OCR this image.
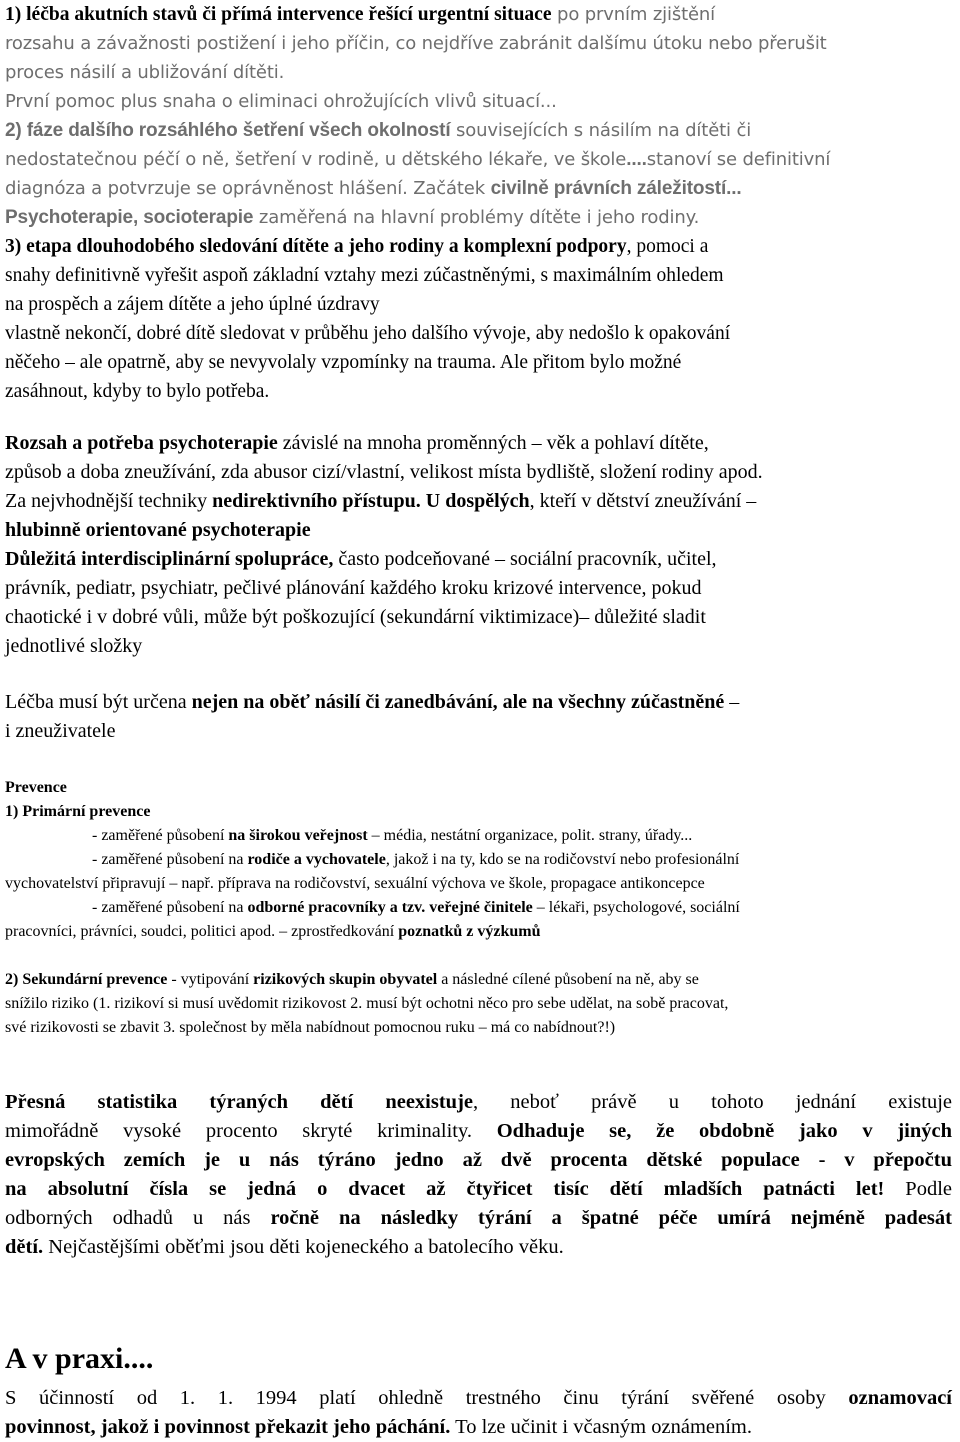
1) léčba akutních stavů či přímá intervence řešící urgentní situace po prvním zjištění
rozsahu a závažnosti postižení i jeho příčin, co nejdříve zabránit dalšímu útoku nebo přerušit
proces násilí a ubližování dítěti.
První pomoc plus snaha o eliminaci ohrožujících vlivů situací...
2) fáze dalšího rozsáhlého šetření všech okolností souvisejících s násilím na dítěti či
nedostatečnou péčí o ně, šetření v rodině, u dětského lékaře, ve škole....stanoví se definitivní
diagnóza a potvrzuje se oprávněnost hlášení. Začátek civilně právních záležitostí...
Psychoterapie, socioterapie zaměřená na hlavní problémy dítěte i jeho rodiny.
3) etapa dlouhodobého sledování dítěte a jeho rodiny a komplexní podpory, pomoci a
snahy definitivně vyřešit aspoň základní vztahy mezi zúčastněnými, s maximálním ohledem
na prospěch a zájem dítěte a jeho úplné úzdravy
vlastně nekončí, dobré dítě sledovat v průběhu jeho dalšího vývoje, aby nedošlo k opakování
něčeho – ale opatrně, aby se nevyvolaly vzpomínky na trauma. Ale přitom bylo možné
zasáhnout, kdyby to bylo potřeba.
Rozsah a potřeba psychoterapie závislé na mnoha proměnných – věk a pohlaví dítěte,
způsob a doba zneužívání, zda abusor cizí/vlastní, velikost místa bydliště, složení rodiny apod.
Za nejvhodnější techniky nedirektivního přístupu. U dospělých, kteří v dětství zneužívání –
hlubinně orientované psychoterapie
Důležitá interdisciplinární spolupráce, často podceňované – sociální pracovník, učitel,
právník, pediatr, psychiatr, pečlivé plánování každého kroku krizové intervence, pokud
chaotické i v dobré vůli, může být poškozující (sekundární viktimizace)– důležité sladit
jednotlivé složky
Léčba musí být určena nejen na oběť násilí či zanedbávání, ale na všechny zúčastněné –
i zneuživatele
Prevence
1) Primární prevence
- zaměřené působení na širokou veřejnost – média, nestátní organizace, polit. strany, úřady...
- zaměřené působení na rodiče a vychovatele, jakož i na ty, kdo se na rodičovství nebo profesionální
vychovatelství připravují – např. příprava na rodičovství, sexuální výchova ve škole, propagace antikoncepce
- zaměřené působení na odborné pracovníky a tzv. veřejné činitele – lékaři, psychologové, sociální
pracovníci, právníci, soudci, politici apod. – zprostředkování poznatků z výzkumů
2) Sekundární prevence - vytipování rizikových skupin obyvatel a následné cílené působení na ně, aby se
snížilo riziko (1. rizikoví si musí uvědomit rizikovost 2. musí být ochotni něco pro sebe udělat, na sobě pracovat,
své rizikovosti se zbavit 3. společnost by měla nabídnout pomocnou ruku – má co nabídnout?!)
Přesná statistika týraných dětí neexistuje, neboť právě u tohoto jednání existuje
mimořádně vysoké procento skryté kriminality. Odhaduje se, že obdobně jako v jiných
evropských zemích je u nás týráno jedno až dvě procenta dětské populace - v přepočtu
na absolutní čísla se jedná o dvacet až čtyřicet tisíc dětí mladších patnácti let! Podle
odborných odhadů u nás ročně na následky týrání a špatné péče umírá nejméně padesát
dětí. Nejčastějšími oběťmi jsou děti kojeneckého a batolecího věku.
A v praxi....
S účinností od 1. 1. 1994 platí ohledně trestného činu týrání svěřené osoby oznamovací
povinnost, jakož i povinnost překazit jeho páchání. To lze učinit i včasným oznámením.
